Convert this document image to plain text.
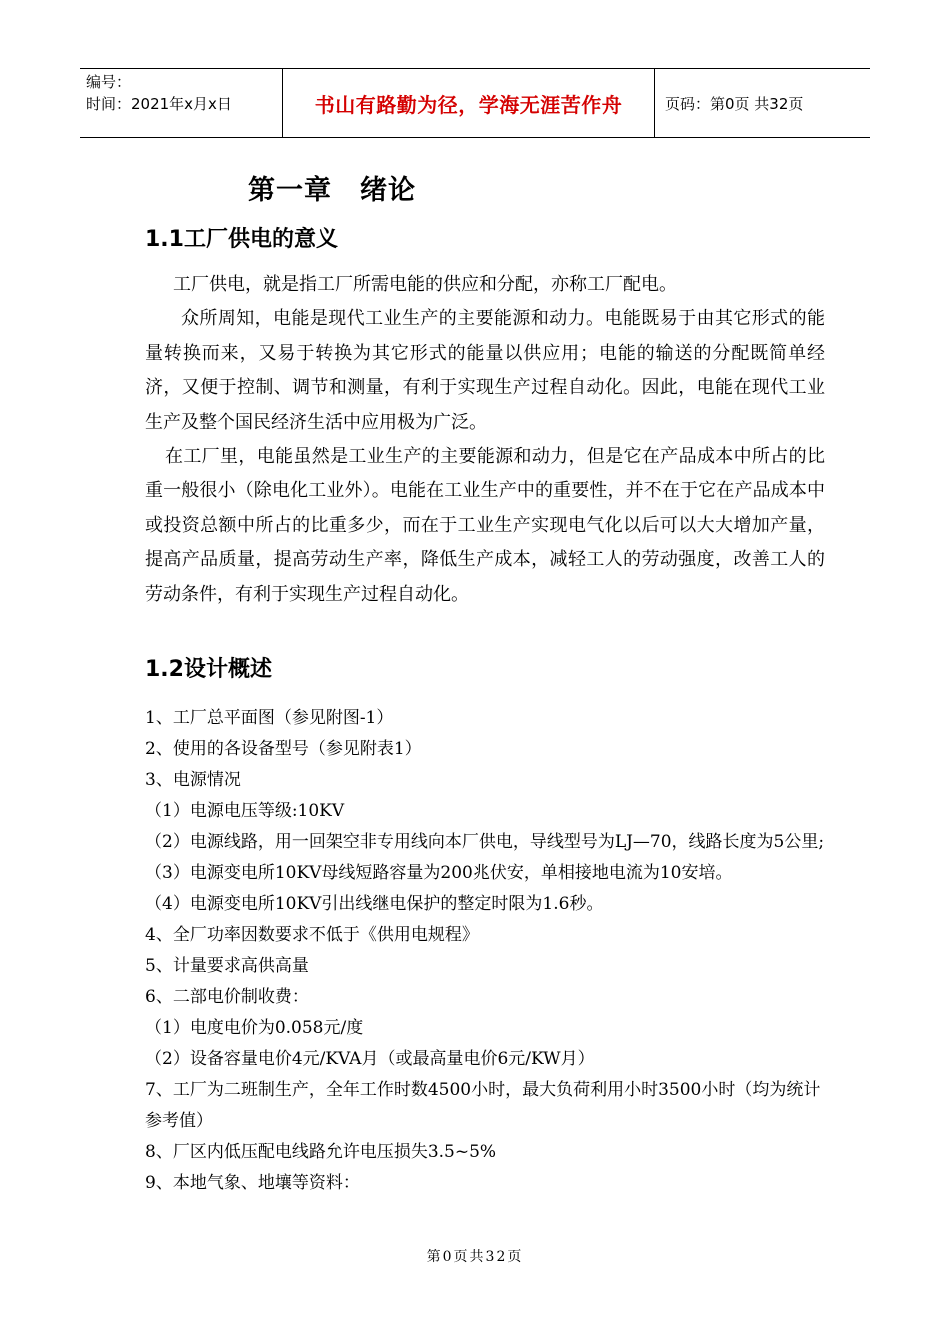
编号：
时间：2021年x月x日	书山有路勤为径，学海无涯苦作舟	页码：第0页 共32页
第一章　绪论
1.1工厂供电的意义
工厂供电，就是指工厂所需电能的供应和分配，亦称工厂配电。
众所周知，电能是现代工业生产的主要能源和动力。电能既易于由其它形式的能量转换而来，又易于转换为其它形式的能量以供应用；电能的输送的分配既简单经济，又便于控制、调节和测量，有利于实现生产过程自动化。因此，电能在现代工业生产及整个国民经济生活中应用极为广泛。
在工厂里，电能虽然是工业生产的主要能源和动力，但是它在产品成本中所占的比重一般很小（除电化工业外）。电能在工业生产中的重要性，并不在于它在产品成本中或投资总额中所占的比重多少，而在于工业生产实现电气化以后可以大大增加产量，提高产品质量，提高劳动生产率，降低生产成本，减轻工人的劳动强度，改善工人的劳动条件，有利于实现生产过程自动化。
1.2设计概述
1、工厂总平面图（参见附图-1）
2、使用的各设备型号（参见附表1）
3、电源情况
（1）电源电压等级:10KV
（2）电源线路，用一回架空非专用线向本厂供电，导线型号为LJ—70，线路长度为5公里;
（3）电源变电所10KV母线短路容量为200兆伏安，单相接地电流为10安培。
（4）电源变电所10KV引出线继电保护的整定时限为1.6秒。
4、全厂功率因数要求不低于《供用电规程》
5、计量要求高供高量
6、二部电价制收费：
（1）电度电价为0.058元/度
（2）设备容量电价4元/KVA月（或最高量电价6元/KW月）
7、工厂为二班制生产，全年工作时数4500小时，最大负荷利用小时3500小时（均为统计参考值）
8、厂区内低压配电线路允许电压损失3.5~5%
9、本地气象、地壤等资料：
第0页共32页
